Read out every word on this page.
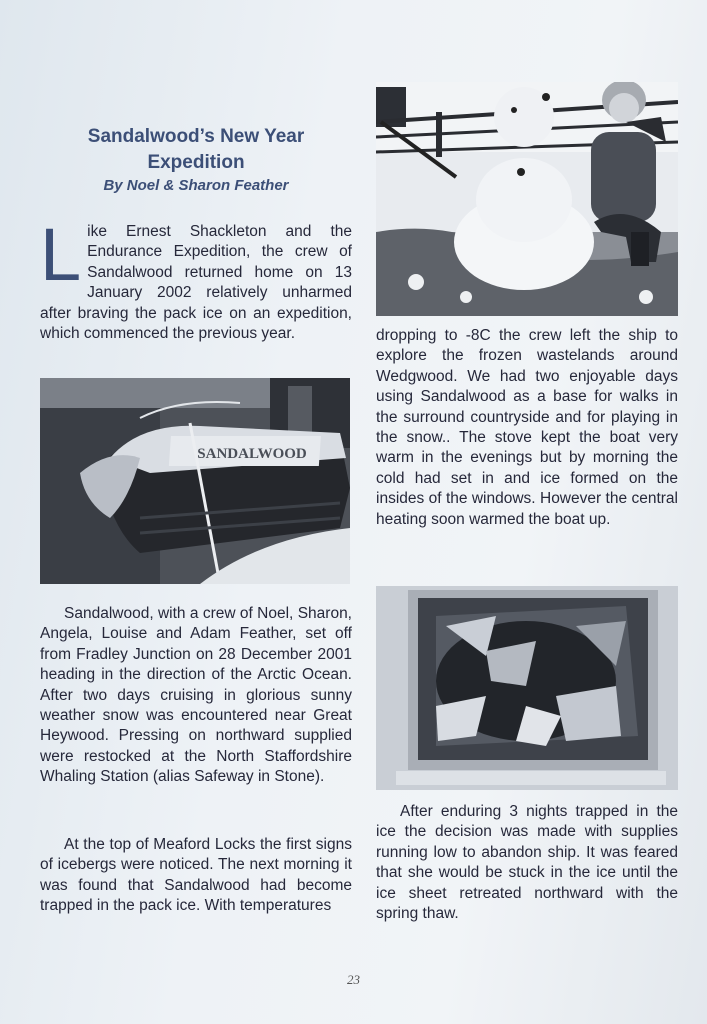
Sandalwood’s New Year
Expedition

By Noel & Sharon Feather

Like Ernest Shackleton and the Endurance Expedition, the crew of Sandalwood returned home on 13 January 2002 relatively unharmed after braving the pack ice on an expedition, which commenced the previous year.

SANDALWOOD

Sandalwood, with a crew of Noel, Sharon, Angela, Louise and Adam Feather, set off from Fradley Junction on 28 December 2001 heading in the direction of the Arctic Ocean. After two days cruising in glorious sunny weather snow was encountered near Great Heywood. Pressing on northward supplied were restocked at the North Staffordshire Whaling Station (alias Safeway in Stone).

At the top of Meaford Locks the first signs of icebergs were noticed. The next morning it was found that Sandalwood had become trapped in the pack ice. With temperatures

dropping to -8C the crew left the ship to explore the frozen wastelands around Wedgwood. We had two enjoyable days using Sandalwood as a base for walks in the surround countryside and for playing in the snow.. The stove kept the boat very warm in the evenings but by morning the cold had set in and ice formed on the insides of the windows. However the central heating soon warmed the boat up.

After enduring 3 nights trapped in the ice the decision was made with supplies running low to abandon ship. It was feared that she would be stuck in the ice until the ice sheet retreated northward with the spring thaw.

23
